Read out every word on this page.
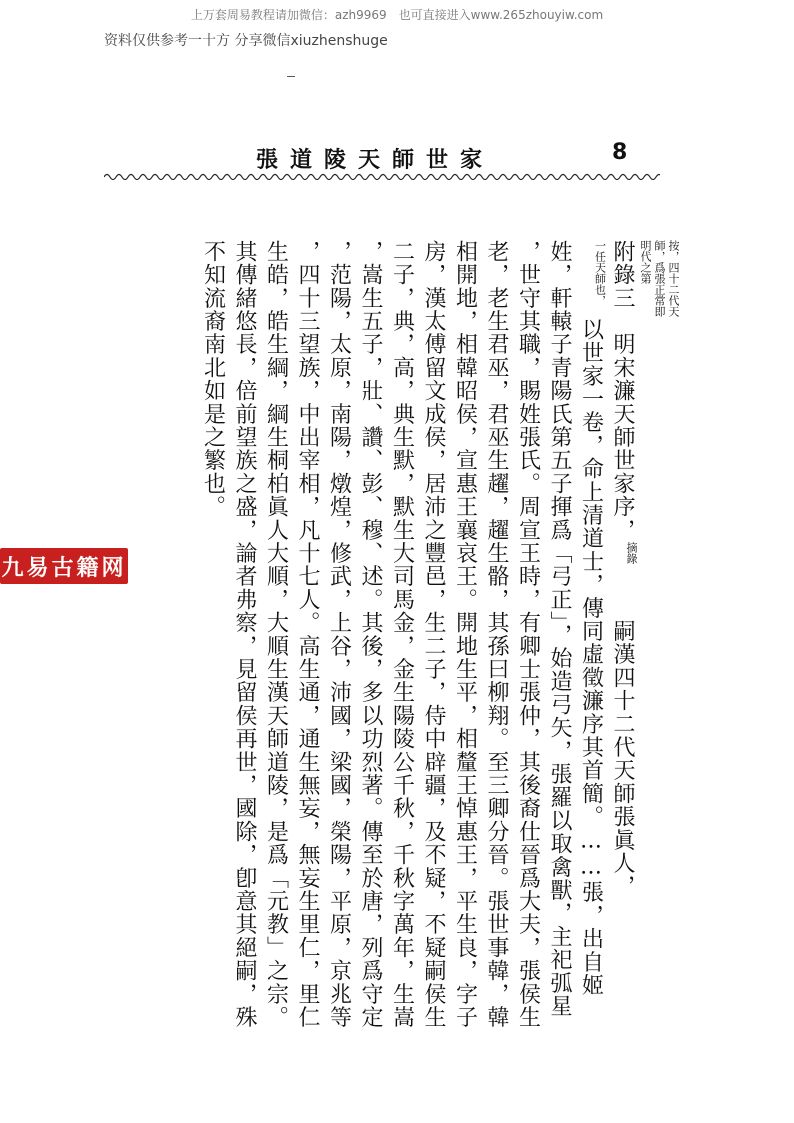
上万套周易教程请加微信：azh9969　也可直接进入www.265zhouyiw.com
资料仅供参考一十方 分享微信xiuzhenshuge
張道陵天師世家	8
按，四十二代天師，爲張正常即明代之第
附錄三　明宋濂天師世家序，摘錄嗣漢四十二代天師張眞人，
一任天師也，以世家一卷，命上清道士，傳同虛徵濂序其首簡。……張，出自姬
姓，軒轅子青陽氏第五子揮爲「弓正」，始造弓矢，張羅以取禽獸，主祀弧星
，世守其職，賜姓張氏。周宣王時，有卿士張仲，其後裔仕晉爲大夫，張侯生
老，老生君巫，君巫生趯，趯生骼，其孫曰柳翔。至三卿分晉。張世事韓，韓
相開地，相韓昭侯，宣惠王襄哀王。開地生平，相釐王悼惠王，平生良，字子
房，漢太傅留文成侯，居沛之豐邑，生二子，侍中辟疆，及不疑，不疑嗣侯生
二子，典，高，典生默，默生大司馬金，金生陽陵公千秋，千秋字萬年，生嵩
，嵩生五子，壯、讚、彭、穆、述。其後，多以功烈著。傳至於唐，列爲守定
，范陽，太原，南陽，燉煌，修武，上谷，沛國，梁國，榮陽，平原，京兆等
，四十三望族，中出宰相，凡十七人。高生通，通生無妄，無妄生里仁，里仁
生皓，皓生綱，綱生桐柏眞人大順，大順生漢天師道陵，是爲「元教」之宗。
其傳緒悠長，倍前望族之盛，論者弗察，見留侯再世，國除，卽意其絕嗣，殊
不知流裔南北如是之繁也。
九易古籍网
